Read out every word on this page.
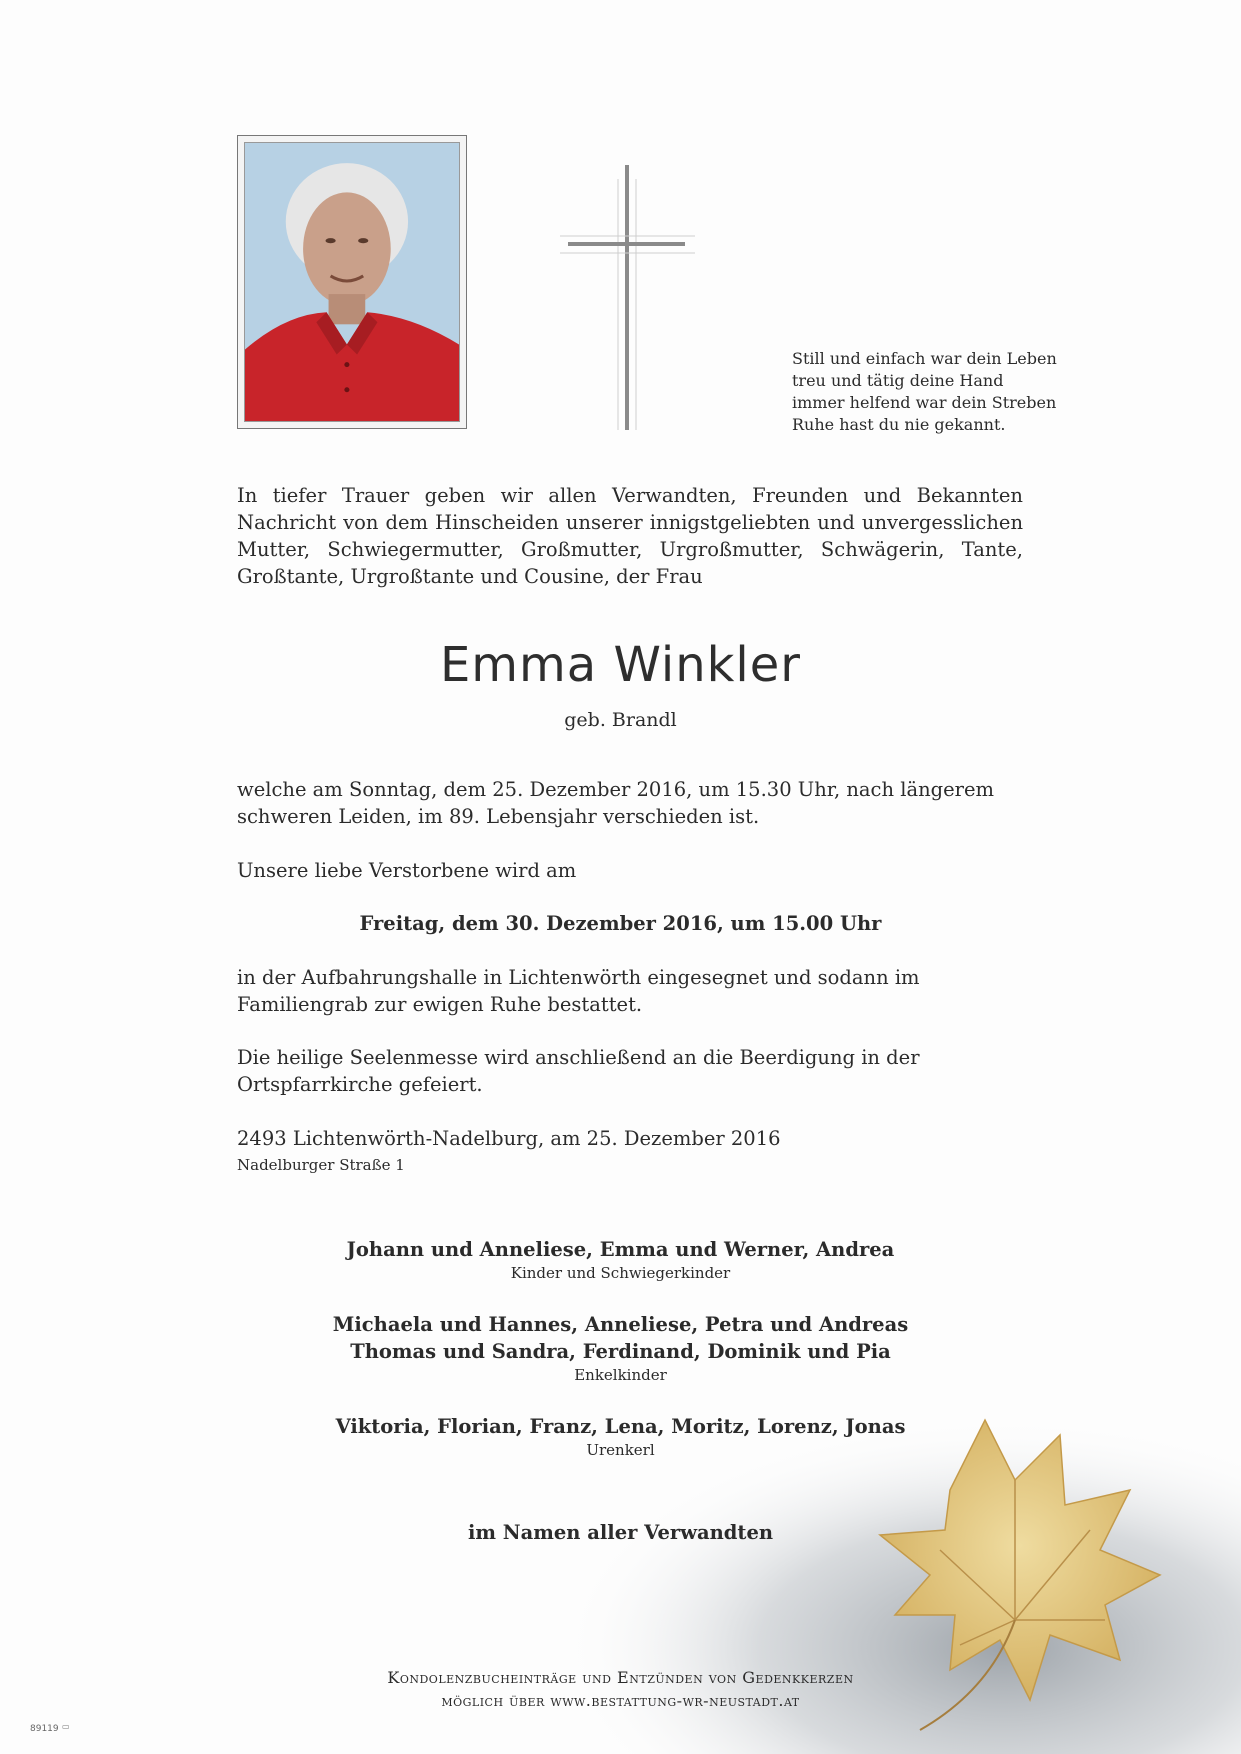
Still und einfach war dein Leben
treu und tätig deine Hand
immer helfend war dein Streben
Ruhe hast du nie gekannt.
In tiefer Trauer geben wir allen Verwandten, Freunden und Bekannten Nachricht von dem Hinscheiden unserer innigstgeliebten und unvergesslichen Mutter, Schwiegermutter, Großmutter, Urgroßmutter, Schwägerin, Tante, Großtante, Urgroßtante und Cousine, der Frau
Emma Winkler
geb. Brandl
welche am Sonntag, dem 25. Dezember 2016, um 15.30 Uhr, nach längerem schweren Leiden, im 89. Lebensjahr verschieden ist.
Unsere liebe Verstorbene wird am
Freitag, dem 30. Dezember 2016, um 15.00 Uhr
in der Aufbahrungshalle in Lichtenwörth eingesegnet und sodann im Familiengrab zur ewigen Ruhe bestattet.
Die heilige Seelenmesse wird anschließend an die Beerdigung in der Ortspfarrkirche gefeiert.
2493 Lichtenwörth-Nadelburg, am 25. Dezember 2016
Nadelburger Straße 1
Johann und Anneliese, Emma und Werner, Andrea
Kinder und Schwiegerkinder
Michaela und Hannes, Anneliese, Petra und Andreas
Thomas und Sandra, Ferdinand, Dominik und Pia
Enkelkinder
Viktoria, Florian, Franz, Lena, Moritz, Lorenz, Jonas
Urenkerl
im Namen aller Verwandten
Kondolenzbucheinträge und Entzünden von Gedenkkerzen
möglich über www.bestattung-wr-neustadt.at
89119 ▭
